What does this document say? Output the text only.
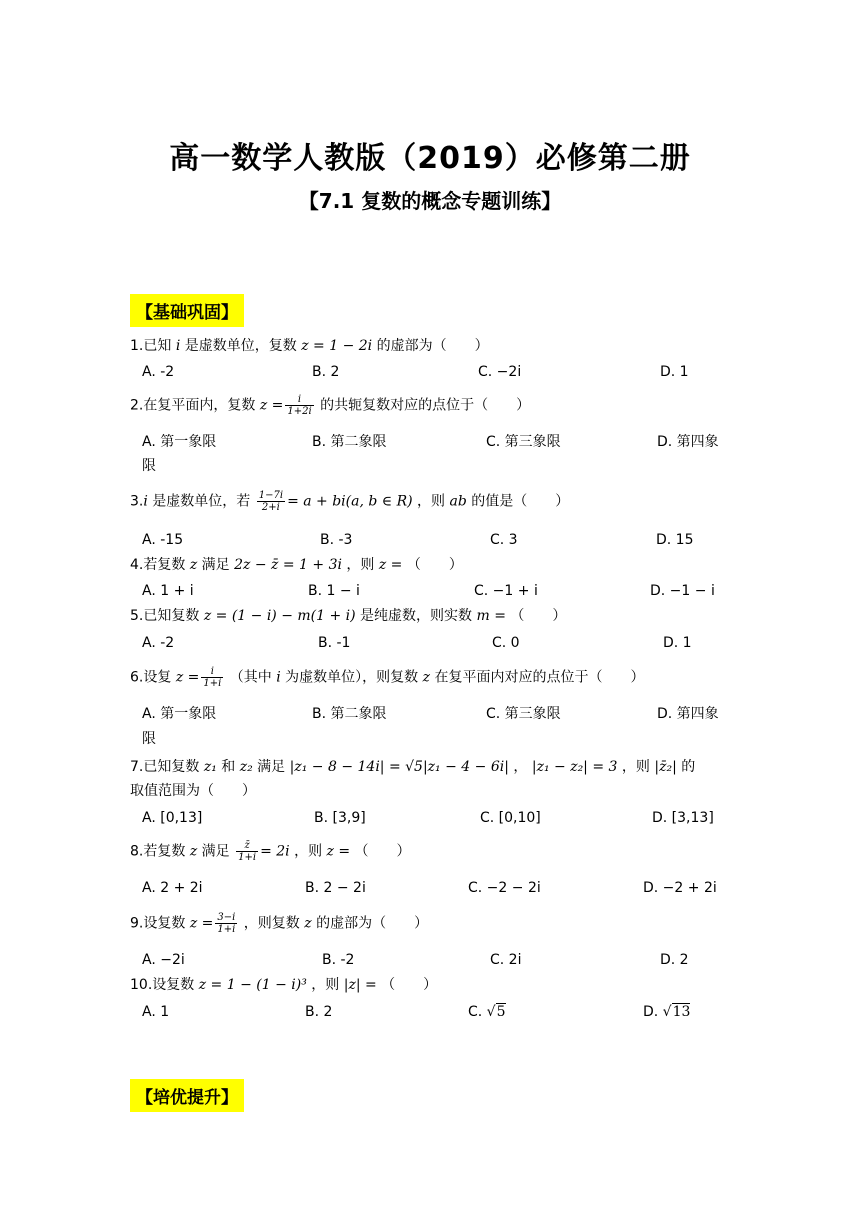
高一数学人教版（2019）必修第二册
【7.1 复数的概念专题训练】
【基础巩固】
1.已知 i 是虚数单位，复数 z = 1 − 2i 的虚部为（　　）
A. -2	B. 2	C. −2i	D. 1
2.在复平面内，复数 $z = \frac{i}{1+2i}$ 的共轭复数对应的点位于（　　）
A. 第一象限	B. 第二象限	C. 第三象限	D. 第四象
限
3.i 是虚数单位，若 $\frac{1-7i}{2+i} = a + bi(a$, b ∈ R) ，则 ab 的值是（　　）
A. -15	B. -3	C. 3	D. 15
4.若复数 z 满足 2z − z̄ = 1 + 3i ，则 z = （　　）
A. 1 + i	B. 1 − i	C. −1 + i	D. −1 − i
5.已知复数 z = (1 − i) − m(1 + i) 是纯虚数，则实数 m = （　　）
A. -2	B. -1	C. 0	D. 1
6.设复 $z = \frac{i}{1+i}$ （其中 i 为虚数单位），则复数 z 在复平面内对应的点位于（　　）
A. 第一象限	B. 第二象限	C. 第三象限	D. 第四象
限
7.已知复数 z₁ 和 z₂ 满足 |z₁ − 8 − 14i| = √5|z₁ − 4 − 6i| ， |z₁ − z₂| = 3 ，则 |z̄₂| 的
取值范围为（　　）
A. [0,13]	B. [3,9]	C. [0,10]	D. [3,13]
8.若复数 z 满足 $\frac{z̄}{1+i} = 2i$ ，则 z = （　　）
A. 2 + 2i	B. 2 − 2i	C. −2 − 2i	D. −2 + 2i
9.设复数 $z = \frac{3-i}{1+i}$ ，则复数 z 的虚部为（　　）
A. −2i	B. -2	C. 2i	D. 2
10.设复数 z = 1 − (1 − i)³ ，则 |z| = （　　）
A. 1	B. 2	C. √5	D. √13
【培优提升】
